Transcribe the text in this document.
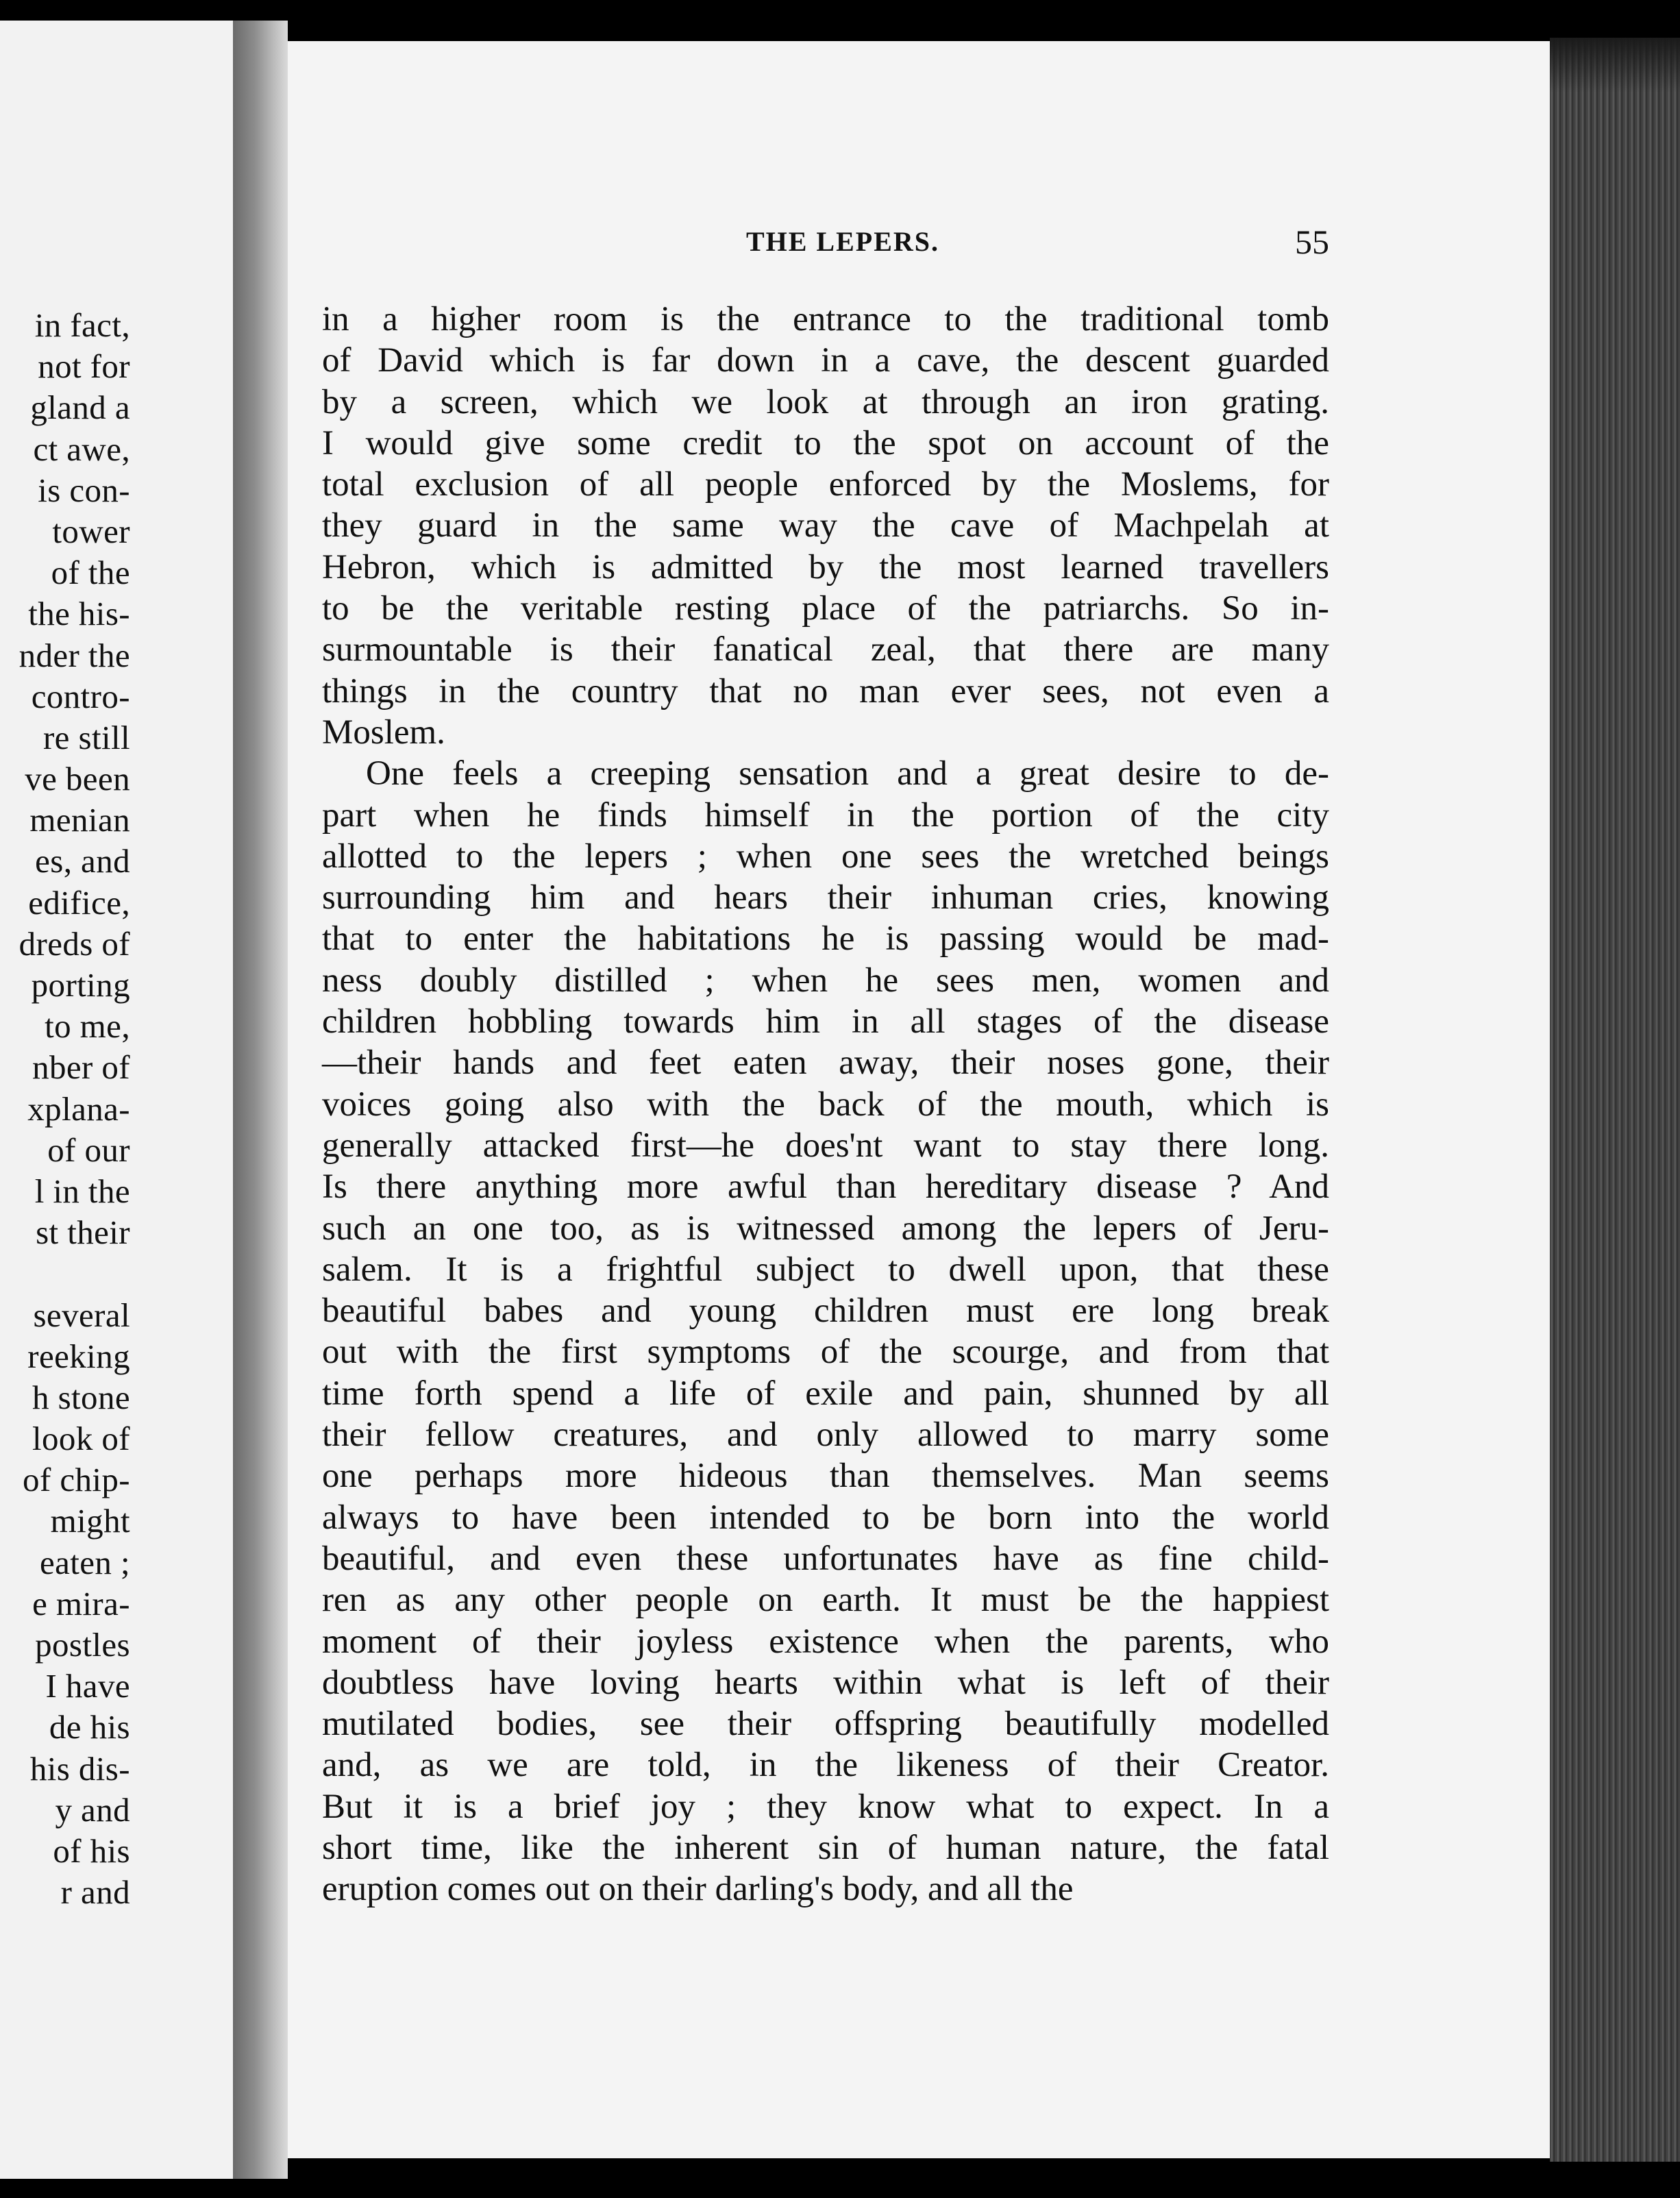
in fact,
not for
gland a
ct awe,
is con-
tower
of the
the his-
nder the
contro-
re still
ve been
menian
es, and
edifice,
dreds of
porting
to me,
nber of
xplana-
of our
l in the
st their
several
reeking
h stone
look of
of chip-
might
eaten ;
e mira-
postles
I have
de his
his dis-
y and
of his
r and
THE LEPERS.	55
in a higher room is the entrance to the traditional tomb
of David which is far down in a cave, the descent guarded
by a screen, which we look at through an iron grating.
I would give some credit to the spot on account of the
total exclusion of all people enforced by the Moslems, for
they guard in the same way the cave of Machpelah at
Hebron, which is admitted by the most learned travellers
to be the veritable resting place of the patriarchs. So in-
surmountable is their fanatical zeal, that there are many
things in the country that no man ever sees, not even a
Moslem.
One feels a creeping sensation and a great desire to de-
part when he finds himself in the portion of the city
allotted to the lepers ; when one sees the wretched beings
surrounding him and hears their inhuman cries, knowing
that to enter the habitations he is passing would be mad-
ness doubly distilled ; when he sees men, women and
children hobbling towards him in all stages of the disease
—their hands and feet eaten away, their noses gone, their
voices going also with the back of the mouth, which is
generally attacked first—he does'nt want to stay there long.
Is there anything more awful than hereditary disease ? And
such an one too, as is witnessed among the lepers of Jeru-
salem. It is a frightful subject to dwell upon, that these
beautiful babes and young children must ere long break
out with the first symptoms of the scourge, and from that
time forth spend a life of exile and pain, shunned by all
their fellow creatures, and only allowed to marry some
one perhaps more hideous than themselves. Man seems
always to have been intended to be born into the world
beautiful, and even these unfortunates have as fine child-
ren as any other people on earth. It must be the happiest
moment of their joyless existence when the parents, who
doubtless have loving hearts within what is left of their
mutilated bodies, see their offspring beautifully modelled
and, as we are told, in the likeness of their Creator.
But it is a brief joy ; they know what to expect. In a
short time, like the inherent sin of human nature, the fatal
eruption comes out on their darling's body, and all the
